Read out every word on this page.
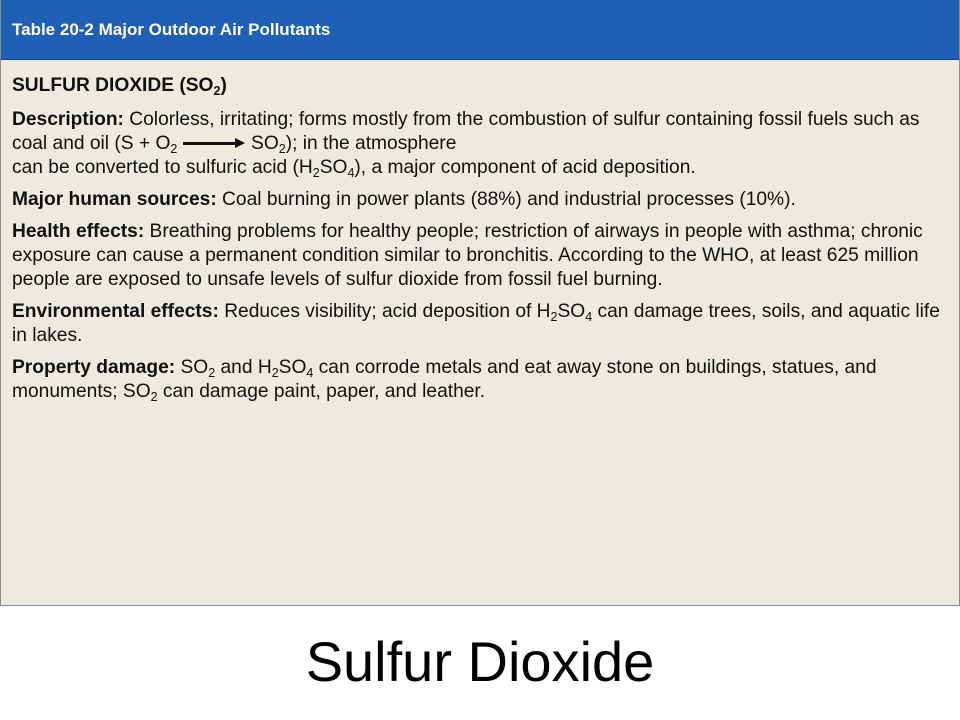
Table 20-2 Major Outdoor Air Pollutants

SULFUR DIOXIDE $(SO_2)$

Description: Colorless, irritating; forms mostly from the combustion of sulfur containing fossil fuels such as coal and oil ($S + O_2$	$SO_2$); in the atmosphere
can be converted to sulfuric acid $(H_2SO_4)$, a major component of acid deposition.

Major human sources: Coal burning in power plants (88%) and industrial processes (10%).

Health effects: Breathing problems for healthy people; restriction of airways in people with asthma; chronic exposure can cause a permanent condition similar to bronchitis. According to the WHO, at least 625 million people are exposed to unsafe levels of sulfur dioxide from fossil fuel burning.

Environmental effects: Reduces visibility; acid deposition of $H_2SO_4$ can damage trees, soils, and aquatic life in lakes.

Property damage: $SO_2$ and $H_2SO_4$ can corrode metals and eat away stone on buildings, statues, and monuments; $SO_2$ can damage paint, paper, and leather.

Sulfur Dioxide
